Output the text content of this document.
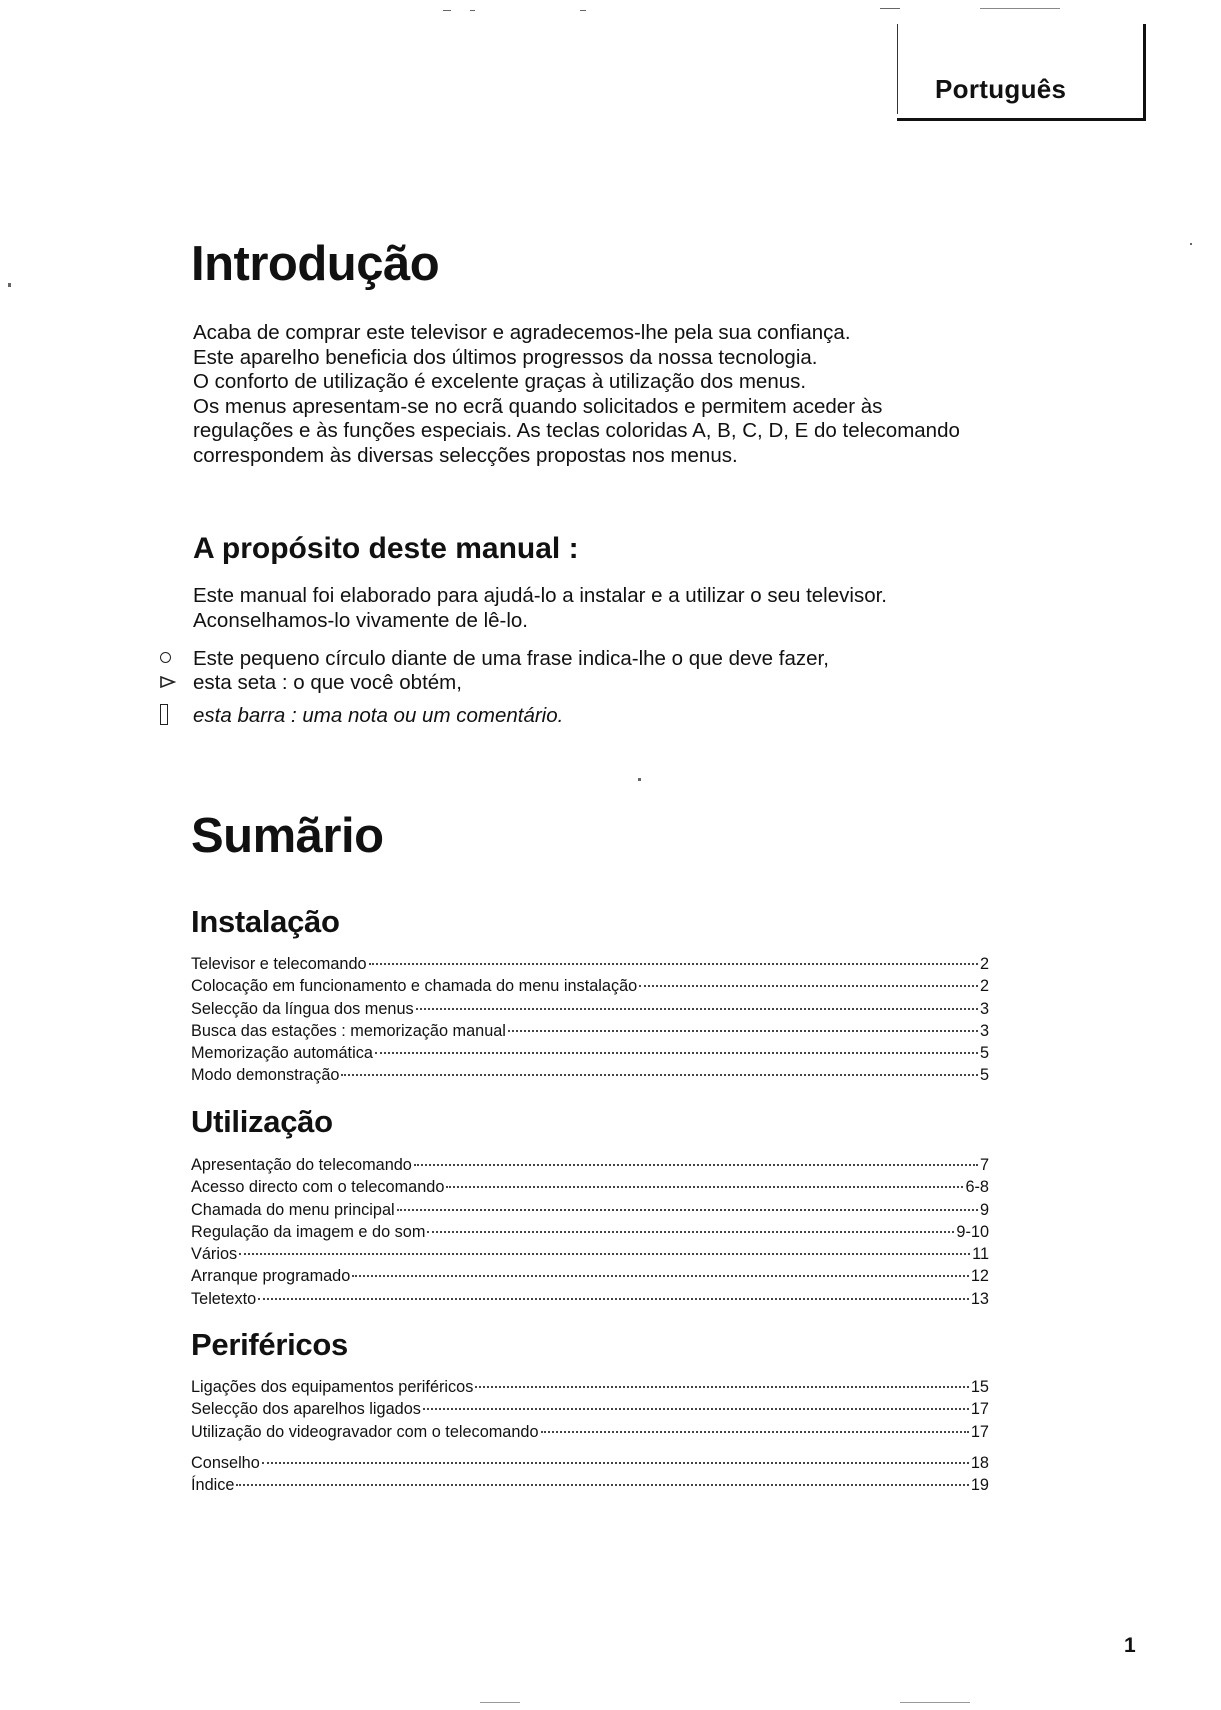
Português
Introdução
Acaba de comprar este televisor e agradecemos-lhe pela sua confiança.
Este aparelho beneficia dos últimos progressos da nossa tecnologia.
O conforto de utilização é excelente graças à utilização dos menus.
Os menus apresentam-se no ecrã quando solicitados e permitem aceder às
regulações e às funções especiais. As teclas coloridas A, B, C, D, E do telecomando
correspondem às diversas selecções propostas nos menus.
A propósito deste manual :
Este manual foi elaborado para ajudá-lo a instalar e a utilizar o seu televisor.
Aconselhamos-lo vivamente de lê-lo.
Este pequeno círculo diante de uma frase indica-lhe o que deve fazer,
esta seta : o que você obtém,
esta barra : uma nota ou um comentário.
Sumãrio
Instalação
Televisor e telecomando	2
Colocação em funcionamento e chamada do menu instalação	2
Selecção da língua dos menus	3
Busca das estações : memorização manual	3
Memorização automática	5
Modo demonstração	5
Utilização
Apresentação do telecomando	7
Acesso directo com o telecomando	6-8
Chamada do menu principal	9
Regulação da imagem e do som	9-10
Vários	11
Arranque programado	12
Teletexto	13
Periféricos
Ligações dos equipamentos periféricos	15
Selecção dos aparelhos ligados	17
Utilização do videogravador com o telecomando	17
Conselho	18
Índice	19
1
